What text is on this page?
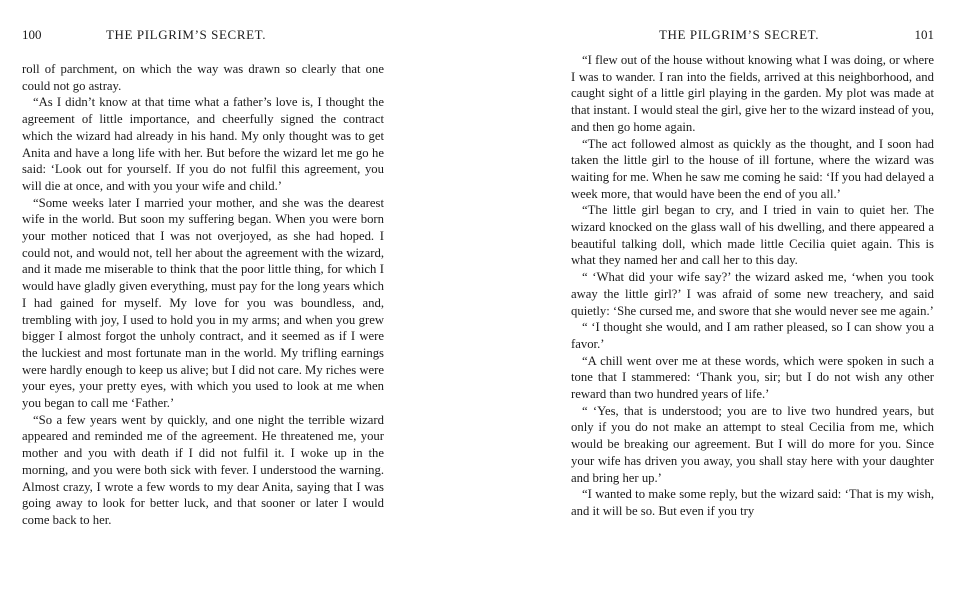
100	THE PILGRIM’S SECRET.

roll of parchment, on which the way was drawn so clearly that one could not go astray.

“As I didn’t know at that time what a father’s love is, I thought the agreement of little importance, and cheerfully signed the contract which the wizard had already in his hand. My only thought was to get Anita and have a long life with her. But before the wizard let me go he said: ‘Look out for yourself. If you do not fulfil this agreement, you will die at once, and with you your wife and child.’

“Some weeks later I married your mother, and she was the dearest wife in the world. But soon my suffering began. When you were born your mother noticed that I was not overjoyed, as she had hoped. I could not, and would not, tell her about the agreement with the wizard, and it made me miserable to think that the poor little thing, for which I would have gladly given everything, must pay for the long years which I had gained for myself. My love for you was boundless, and, trembling with joy, I used to hold you in my arms; and when you grew bigger I almost forgot the unholy contract, and it seemed as if I were the luckiest and most fortunate man in the world. My trifling earnings were hardly enough to keep us alive; but I did not care. My riches were your eyes, your pretty eyes, with which you used to look at me when you began to call me ‘Father.’

“So a few years went by quickly, and one night the terrible wizard appeared and reminded me of the agreement. He threatened me, your mother and you with death if I did not fulfil it. I woke up in the morning, and you were both sick with fever. I understood the warning. Almost crazy, I wrote a few words to my dear Anita, saying that I was going away to look for better luck, and that sooner or later I would come back to her.

THE PILGRIM’S SECRET.	101

“I flew out of the house without knowing what I was doing, or where I was to wander. I ran into the fields, arrived at this neighborhood, and caught sight of a little girl playing in the garden. My plot was made at that instant. I would steal the girl, give her to the wizard instead of you, and then go home again.

“The act followed almost as quickly as the thought, and I soon had taken the little girl to the house of ill fortune, where the wizard was waiting for me. When he saw me coming he said: ‘If you had delayed a week more, that would have been the end of you all.’

“The little girl began to cry, and I tried in vain to quiet her. The wizard knocked on the glass wall of his dwelling, and there appeared a beautiful talking doll, which made little Cecilia quiet again. This is what they named her and call her to this day.

“ ‘What did your wife say?’ the wizard asked me, ‘when you took away the little girl?’ I was afraid of some new treachery, and said quietly: ‘She cursed me, and swore that she would never see me again.’

“ ‘I thought she would, and I am rather pleased, so I can show you a favor.’

“A chill went over me at these words, which were spoken in such a tone that I stammered: ‘Thank you, sir; but I do not wish any other reward than two hundred years of life.’

“ ‘Yes, that is understood; you are to live two hundred years, but only if you do not make an attempt to steal Cecilia from me, which would be breaking our agreement. But I will do more for you. Since your wife has driven you away, you shall stay here with your daughter and bring her up.’

“I wanted to make some reply, but the wizard said: ‘That is my wish, and it will be so. But even if you try
